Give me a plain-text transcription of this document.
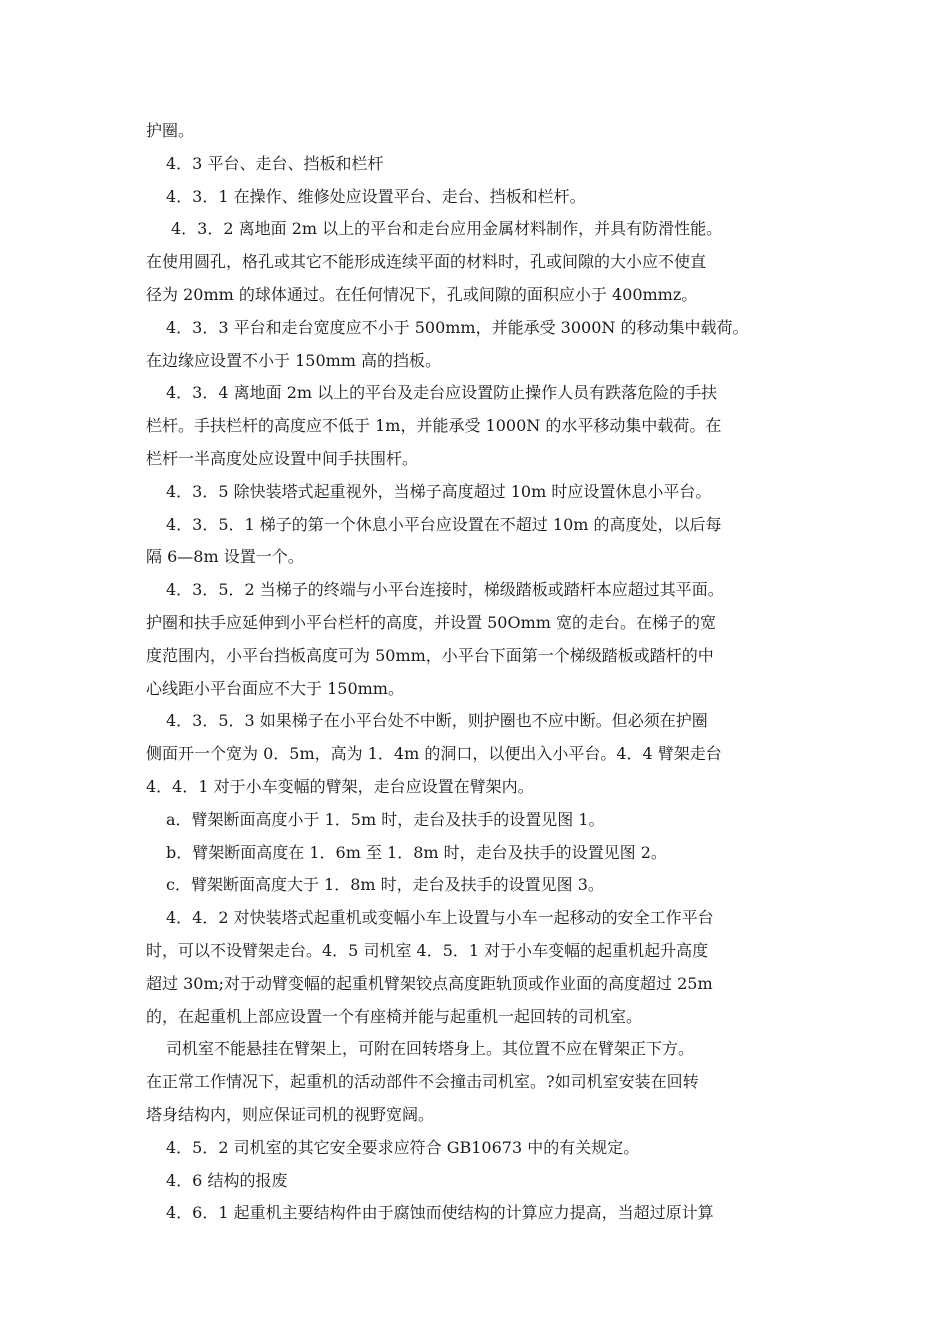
护圈。
4．3 平台、走台、挡板和栏杆
4．3．1 在操作、维修处应设置平台、走台、挡板和栏杆。
4．3．2 离地面 2m 以上的平台和走台应用金属材料制作，并具有防滑性能。
在使用圆孔，格孔或其它不能形成连续平面的材料时，孔或间隙的大小应不使直
径为 20mm 的球体通过。在任何情况下，孔或间隙的面积应小于 400mmz。
4．3．3 平台和走台宽度应不小于 500mm，并能承受 3000N 的移动集中载荷。
在边缘应设置不小于 150mm 高的挡板。
4．3．4 离地面 2m 以上的平台及走台应设置防止操作人员有跌落危险的手扶
栏杆。手扶栏杆的高度应不低于 1m，并能承受 1000N 的水平移动集中载荷。在
栏杆一半高度处应设置中间手扶围杆。
4．3．5 除快装塔式起重视外，当梯子高度超过 10m 时应设置休息小平台。
4．3．5．1 梯子的第一个休息小平台应设置在不超过 10m 的高度处，以后每
隔 6—8m 设置一个。
4．3．5．2 当梯子的终端与小平台连接时，梯级踏板或踏杆本应超过其平面。
护圈和扶手应延伸到小平台栏杆的高度，并设置 50Omm 宽的走台。在梯子的宽
度范围内，小平台挡板高度可为 50mm，小平台下面第一个梯级踏板或踏杆的中
心线距小平台面应不大于 150mm。
4．3．5．3 如果梯子在小平台处不中断，则护圈也不应中断。但必须在护圈
侧面开一个宽为 0．5m，高为 1．4m 的洞口，以便出入小平台。4．4 臂架走台
4．4．1 对于小车变幅的臂架，走台应设置在臂架内。
a．臂架断面高度小于 1．5m 时，走台及扶手的设置见图 1。
b．臂架断面高度在 1．6m 至 1．8m 时，走台及扶手的设置见图 2。
c．臂架断面高度大于 1．8m 时，走台及扶手的设置见图 3。
4．4．2 对快装塔式起重机或变幅小车上设置与小车一起移动的安全工作平台
时，可以不设臂架走台。4．5 司机室 4．5．1 对于小车变幅的起重机起升高度
超过 30m;对于动臂变幅的起重机臂架铰点高度距轨顶或作业面的高度超过 25m
的，在起重机上部应设置一个有座椅并能与起重机一起回转的司机室。
司机室不能悬挂在臂架上，可附在回转塔身上。其位置不应在臂架正下方。
在正常工作情况下，起重机的活动部件不会撞击司机室。?如司机室安装在回转
塔身结构内，则应保证司机的视野宽阔。
4．5．2 司机室的其它安全要求应符合 GB10673 中的有关规定。
4．6 结构的报废
4．6．1 起重机主要结构件由于腐蚀而使结构的计算应力提高，当超过原计算
